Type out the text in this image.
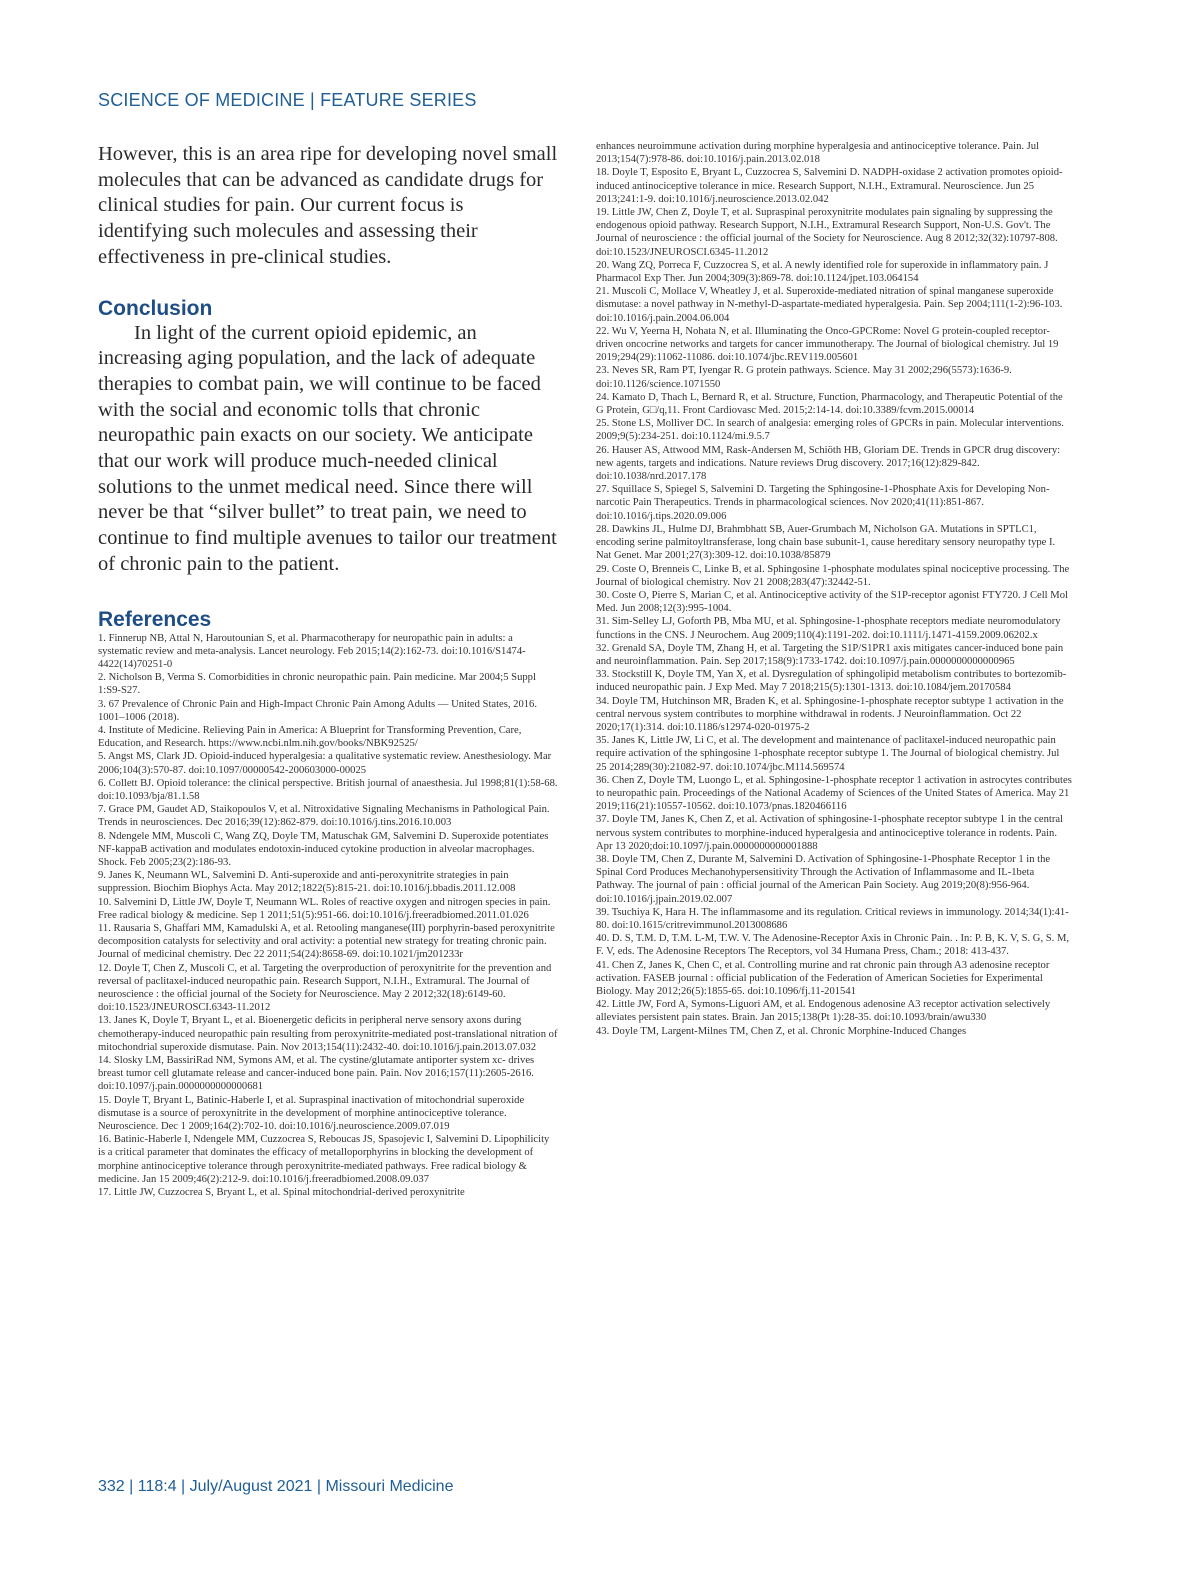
SCIENCE OF MEDICINE | FEATURE SERIES

However, this is an area ripe for developing novel small molecules that can be advanced as candidate drugs for clinical studies for pain. Our current focus is identifying such molecules and assessing their effectiveness in pre-clinical studies.

Conclusion

In light of the current opioid epidemic, an increasing aging population, and the lack of adequate therapies to combat pain, we will continue to be faced with the social and economic tolls that chronic neuropathic pain exacts on our society. We anticipate that our work will produce much-needed clinical solutions to the unmet medical need. Since there will never be that “silver bullet” to treat pain, we need to continue to find multiple avenues to tailor our treatment of chronic pain to the patient.

References
1. Finnerup NB, Attal N, Haroutounian S, et al. Pharmacotherapy for neuropathic pain in adults: a systematic review and meta-analysis. Lancet neurology. Feb 2015;14(2):162-73. doi:10.1016/S1474-4422(14)70251-0
2. Nicholson B, Verma S. Comorbidities in chronic neuropathic pain. Pain medicine. Mar 2004;5 Suppl 1:S9-S27.
3. 67 Prevalence of Chronic Pain and High-Impact Chronic Pain Among Adults — United States, 2016. 1001–1006 (2018).
4. Institute of Medicine. Relieving Pain in America: A Blueprint for Transforming Prevention, Care, Education, and Research. https://www.ncbi.nlm.nih.gov/books/NBK92525/
5. Angst MS, Clark JD. Opioid-induced hyperalgesia: a qualitative systematic review. Anesthesiology. Mar 2006;104(3):570-87. doi:10.1097/00000542-200603000-00025
6. Collett BJ. Opioid tolerance: the clinical perspective. British journal of anaesthesia. Jul 1998;81(1):58-68. doi:10.1093/bja/81.1.58
7. Grace PM, Gaudet AD, Staikopoulos V, et al. Nitroxidative Signaling Mechanisms in Pathological Pain. Trends in neurosciences. Dec 2016;39(12):862-879. doi:10.1016/j.tins.2016.10.003
8. Ndengele MM, Muscoli C, Wang ZQ, Doyle TM, Matuschak GM, Salvemini D. Superoxide potentiates NF-kappaB activation and modulates endotoxin-induced cytokine production in alveolar macrophages. Shock. Feb 2005;23(2):186-93.
9. Janes K, Neumann WL, Salvemini D. Anti-superoxide and anti-peroxynitrite strategies in pain suppression. Biochim Biophys Acta. May 2012;1822(5):815-21. doi:10.1016/j.bbadis.2011.12.008
10. Salvemini D, Little JW, Doyle T, Neumann WL. Roles of reactive oxygen and nitrogen species in pain. Free radical biology & medicine. Sep 1 2011;51(5):951-66. doi:10.1016/j.freeradbiomed.2011.01.026
11. Rausaria S, Ghaffari MM, Kamadulski A, et al. Retooling manganese(III) porphyrin-based peroxynitrite decomposition catalysts for selectivity and oral activity: a potential new strategy for treating chronic pain. Journal of medicinal chemistry. Dec 22 2011;54(24):8658-69. doi:10.1021/jm201233r
12. Doyle T, Chen Z, Muscoli C, et al. Targeting the overproduction of peroxynitrite for the prevention and reversal of paclitaxel-induced neuropathic pain. Research Support, N.I.H., Extramural. The Journal of neuroscience : the official journal of the Society for Neuroscience. May 2 2012;32(18):6149-60. doi:10.1523/JNEUROSCI.6343-11.2012
13. Janes K, Doyle T, Bryant L, et al. Bioenergetic deficits in peripheral nerve sensory axons during chemotherapy-induced neuropathic pain resulting from peroxynitrite-mediated post-translational nitration of mitochondrial superoxide dismutase. Pain. Nov 2013;154(11):2432-40. doi:10.1016/j.pain.2013.07.032
14. Slosky LM, BassiriRad NM, Symons AM, et al. The cystine/glutamate antiporter system xc- drives breast tumor cell glutamate release and cancer-induced bone pain. Pain. Nov 2016;157(11):2605-2616. doi:10.1097/j.pain.0000000000000681
15. Doyle T, Bryant L, Batinic-Haberle I, et al. Supraspinal inactivation of mitochondrial superoxide dismutase is a source of peroxynitrite in the development of morphine antinociceptive tolerance. Neuroscience. Dec 1 2009;164(2):702-10. doi:10.1016/j.neuroscience.2009.07.019
16. Batinic-Haberle I, Ndengele MM, Cuzzocrea S, Reboucas JS, Spasojevic I, Salvemini D. Lipophilicity is a critical parameter that dominates the efficacy of metalloporphyrins in blocking the development of morphine antinociceptive tolerance through peroxynitrite-mediated pathways. Free radical biology & medicine. Jan 15 2009;46(2):212-9. doi:10.1016/j.freeradbiomed.2008.09.037
17. Little JW, Cuzzocrea S, Bryant L, et al. Spinal mitochondrial-derived peroxynitrite
enhances neuroimmune activation during morphine hyperalgesia and antinociceptive tolerance. Pain. Jul 2013;154(7):978-86. doi:10.1016/j.pain.2013.02.018
18. Doyle T, Esposito E, Bryant L, Cuzzocrea S, Salvemini D. NADPH-oxidase 2 activation promotes opioid-induced antinociceptive tolerance in mice. Research Support, N.I.H., Extramural. Neuroscience. Jun 25 2013;241:1-9. doi:10.1016/j.neuroscience.2013.02.042
19. Little JW, Chen Z, Doyle T, et al. Supraspinal peroxynitrite modulates pain signaling by suppressing the endogenous opioid pathway. Research Support, N.I.H., Extramural Research Support, Non-U.S. Gov't. The Journal of neuroscience : the official journal of the Society for Neuroscience. Aug 8 2012;32(32):10797-808. doi:10.1523/JNEUROSCI.6345-11.2012
20. Wang ZQ, Porreca F, Cuzzocrea S, et al. A newly identified role for superoxide in inflammatory pain. J Pharmacol Exp Ther. Jun 2004;309(3):869-78. doi:10.1124/jpet.103.064154
21. Muscoli C, Mollace V, Wheatley J, et al. Superoxide-mediated nitration of spinal manganese superoxide dismutase: a novel pathway in N-methyl-D-aspartate-mediated hyperalgesia. Pain. Sep 2004;111(1-2):96-103. doi:10.1016/j.pain.2004.06.004
22. Wu V, Yeerna H, Nohata N, et al. Illuminating the Onco-GPCRome: Novel G protein-coupled receptor-driven oncocrine networks and targets for cancer immunotherapy. The Journal of biological chemistry. Jul 19 2019;294(29):11062-11086. doi:10.1074/jbc.REV119.005601
23. Neves SR, Ram PT, Iyengar R. G protein pathways. Science. May 31 2002;296(5573):1636-9. doi:10.1126/science.1071550
24. Kamato D, Thach L, Bernard R, et al. Structure, Function, Pharmacology, and Therapeutic Potential of the G Protein, G□/q,11. Front Cardiovasc Med. 2015;2:14-14. doi:10.3389/fcvm.2015.00014
25. Stone LS, Molliver DC. In search of analgesia: emerging roles of GPCRs in pain. Molecular interventions. 2009;9(5):234-251. doi:10.1124/mi.9.5.7
26. Hauser AS, Attwood MM, Rask-Andersen M, Schiöth HB, Gloriam DE. Trends in GPCR drug discovery: new agents, targets and indications. Nature reviews Drug discovery. 2017;16(12):829-842. doi:10.1038/nrd.2017.178
27. Squillace S, Spiegel S, Salvemini D. Targeting the Sphingosine-1-Phosphate Axis for Developing Non-narcotic Pain Therapeutics. Trends in pharmacological sciences. Nov 2020;41(11):851-867. doi:10.1016/j.tips.2020.09.006
28. Dawkins JL, Hulme DJ, Brahmbhatt SB, Auer-Grumbach M, Nicholson GA. Mutations in SPTLC1, encoding serine palmitoyltransferase, long chain base subunit-1, cause hereditary sensory neuropathy type I. Nat Genet. Mar 2001;27(3):309-12. doi:10.1038/85879
29. Coste O, Brenneis C, Linke B, et al. Sphingosine 1-phosphate modulates spinal nociceptive processing. The Journal of biological chemistry. Nov 21 2008;283(47):32442-51.
30. Coste O, Pierre S, Marian C, et al. Antinociceptive activity of the S1P-receptor agonist FTY720. J Cell Mol Med. Jun 2008;12(3):995-1004.
31. Sim-Selley LJ, Goforth PB, Mba MU, et al. Sphingosine-1-phosphate receptors mediate neuromodulatory functions in the CNS. J Neurochem. Aug 2009;110(4):1191-202. doi:10.1111/j.1471-4159.2009.06202.x
32. Grenald SA, Doyle TM, Zhang H, et al. Targeting the S1P/S1PR1 axis mitigates cancer-induced bone pain and neuroinflammation. Pain. Sep 2017;158(9):1733-1742. doi:10.1097/j.pain.0000000000000965
33. Stockstill K, Doyle TM, Yan X, et al. Dysregulation of sphingolipid metabolism contributes to bortezomib-induced neuropathic pain. J Exp Med. May 7 2018;215(5):1301-1313. doi:10.1084/jem.20170584
34. Doyle TM, Hutchinson MR, Braden K, et al. Sphingosine-1-phosphate receptor subtype 1 activation in the central nervous system contributes to morphine withdrawal in rodents. J Neuroinflammation. Oct 22 2020;17(1):314. doi:10.1186/s12974-020-01975-2
35. Janes K, Little JW, Li C, et al. The development and maintenance of paclitaxel-induced neuropathic pain require activation of the sphingosine 1-phosphate receptor subtype 1. The Journal of biological chemistry. Jul 25 2014;289(30):21082-97. doi:10.1074/jbc.M114.569574
36. Chen Z, Doyle TM, Luongo L, et al. Sphingosine-1-phosphate receptor 1 activation in astrocytes contributes to neuropathic pain. Proceedings of the National Academy of Sciences of the United States of America. May 21 2019;116(21):10557-10562. doi:10.1073/pnas.1820466116
37. Doyle TM, Janes K, Chen Z, et al. Activation of sphingosine-1-phosphate receptor subtype 1 in the central nervous system contributes to morphine-induced hyperalgesia and antinociceptive tolerance in rodents. Pain. Apr 13 2020;doi:10.1097/j.pain.0000000000001888
38. Doyle TM, Chen Z, Durante M, Salvemini D. Activation of Sphingosine-1-Phosphate Receptor 1 in the Spinal Cord Produces Mechanohypersensitivity Through the Activation of Inflammasome and IL-1beta Pathway. The journal of pain : official journal of the American Pain Society. Aug 2019;20(8):956-964. doi:10.1016/j.jpain.2019.02.007
39. Tsuchiya K, Hara H. The inflammasome and its regulation. Critical reviews in immunology. 2014;34(1):41-80. doi:10.1615/critrevimmunol.2013008686
40. D. S, T.M. D, T.M. L-M, T.W. V. The Adenosine-Receptor Axis in Chronic Pain. . In: P. B, K. V, S. G, S. M, F. V, eds. The Adenosine Receptors The Receptors, vol 34 Humana Press, Cham.; 2018: 413-437.
41. Chen Z, Janes K, Chen C, et al. Controlling murine and rat chronic pain through A3 adenosine receptor activation. FASEB journal : official publication of the Federation of American Societies for Experimental Biology. May 2012;26(5):1855-65. doi:10.1096/fj.11-201541
42. Little JW, Ford A, Symons-Liguori AM, et al. Endogenous adenosine A3 receptor activation selectively alleviates persistent pain states. Brain. Jan 2015;138(Pt 1):28-35. doi:10.1093/brain/awu330
43. Doyle TM, Largent-Milnes TM, Chen Z, et al. Chronic Morphine-Induced Changes
332 | 118:4 | July/August 2021 | Missouri Medicine
